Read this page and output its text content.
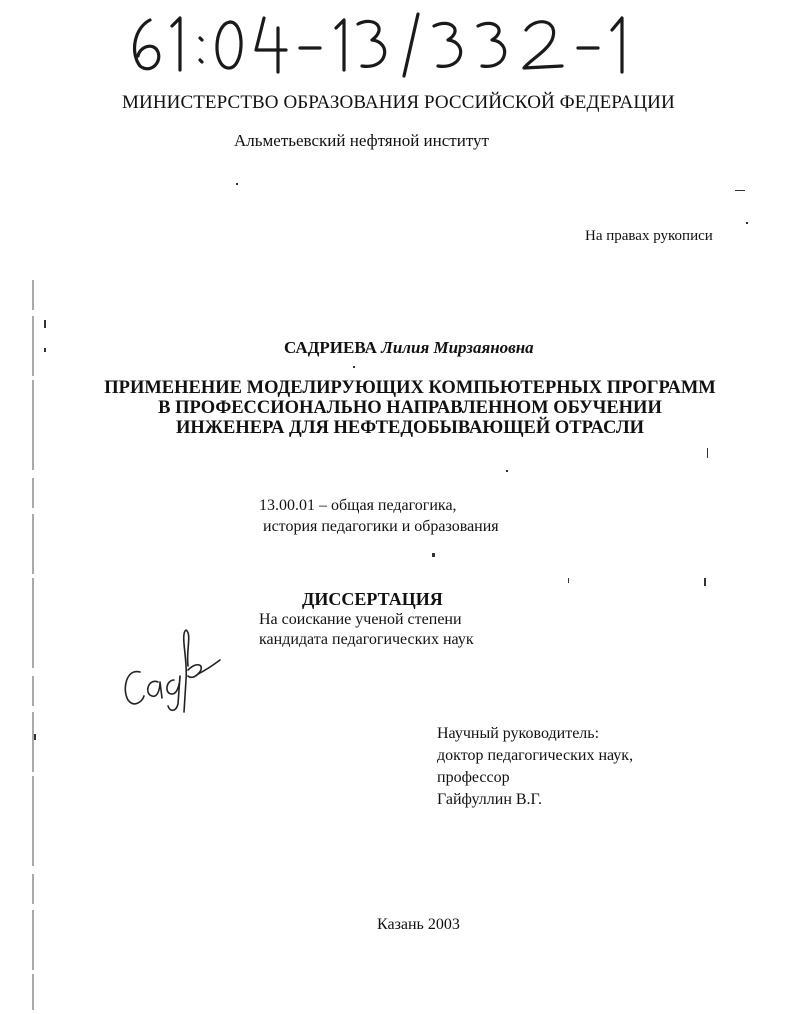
МИНИСТЕРСТВО ОБРАЗОВАНИЯ РОССИЙСКОЙ ФЕДЕРАЦИИ
Альметьевский нефтяной институт
На правах рукописи
САДРИЕВА Лилия Мирзаяновна
ПРИМЕНЕНИЕ МОДЕЛИРУЮЩИХ КОМПЬЮТЕРНЫХ ПРОГРАММ
В ПРОФЕССИОНАЛЬНО НАПРАВЛЕННОМ ОБУЧЕНИИ
ИНЖЕНЕРА ДЛЯ НЕФТЕДОБЫВАЮЩЕЙ ОТРАСЛИ
13.00.01 – общая педагогика,
история педагогики и образования
ДИССЕРТАЦИЯ
На соискание ученой степени
кандидата педагогических наук
Научный руководитель:
доктор педагогических наук,
профессор
Гайфуллин В.Г.
Казань 2003
